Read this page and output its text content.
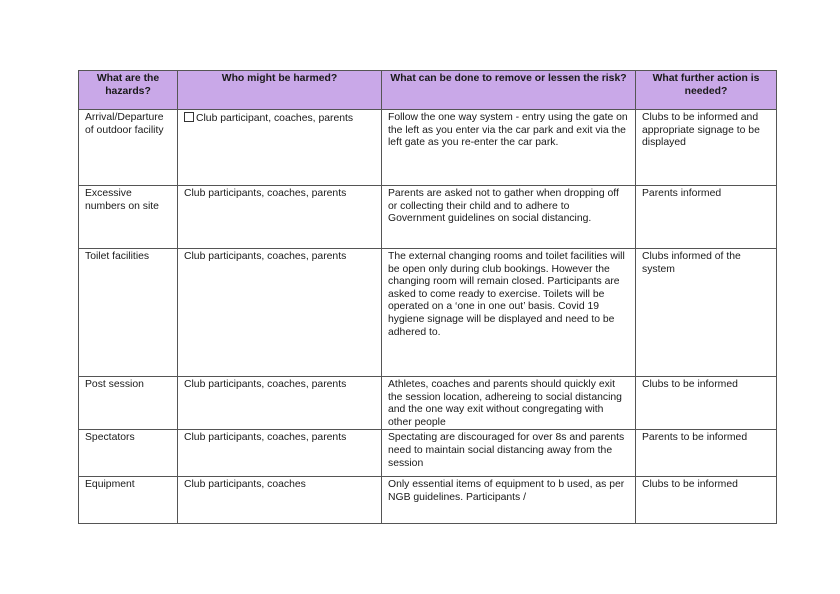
What are the hazards?	Who might be harmed?	What can be done to remove or lessen the risk?	What further action is needed?
Arrival/Departure of outdoor facility	Club participant, coaches, parents	Follow the one way system - entry using the gate on the left as you enter via the car park and exit via the left gate as you re-enter the car park.	Clubs to be informed and appropriate signage to be displayed
Excessive numbers on site	Club participants, coaches, parents	Parents are asked not to gather when dropping off or collecting their child and to adhere to Government guidelines on social distancing.	Parents informed
Toilet facilities	Club participants, coaches, parents	The external changing rooms and toilet facilities will be open only during club bookings. However the changing room will remain closed. Participants are asked to come ready to exercise. Toilets will be operated on a ‘one in one out’ basis. Covid 19 hygiene signage will be displayed and need to be adhered to.	Clubs informed of the system
Post session	Club participants, coaches, parents	Athletes, coaches and parents should quickly exit the session location, adhereing to social distancing and the one way exit without congregating with other people	Clubs to be informed
Spectators	Club participants, coaches, parents	Spectating are discouraged for over 8s and parents need to maintain social distancing away from the session	Parents to be informed
Equipment	Club participants, coaches	Only essential items of equipment to b used, as per NGB guidelines. Participants /	Clubs to be informed
